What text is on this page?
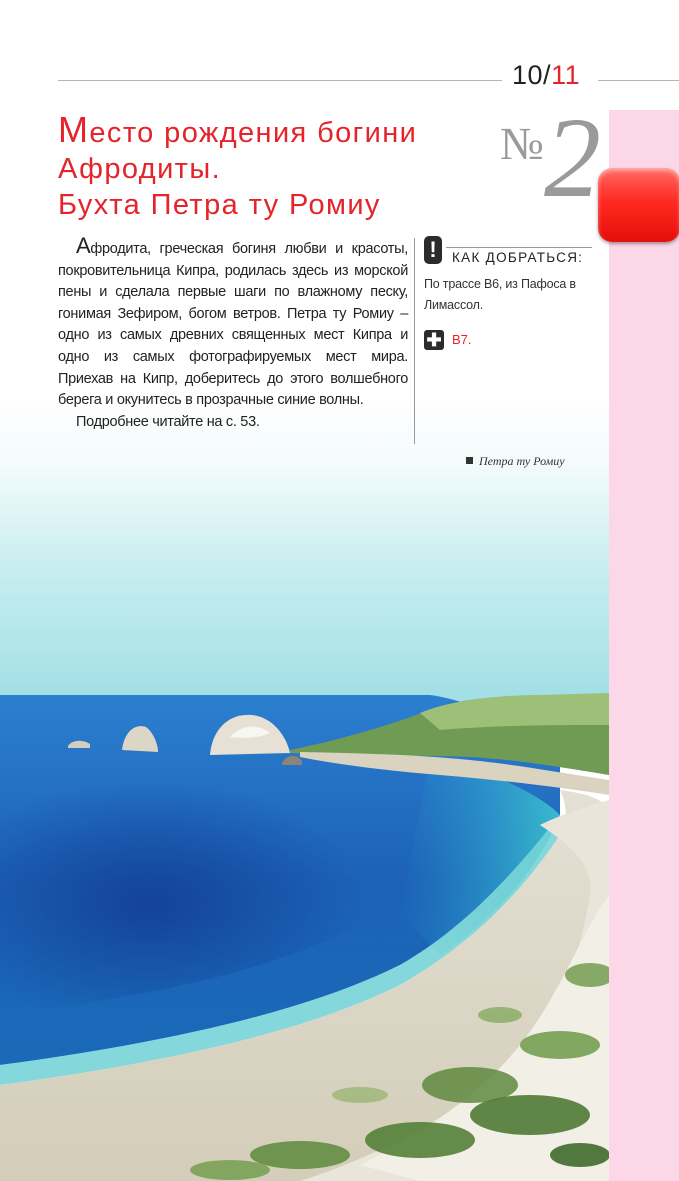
10/11
Место рождения богини
Афродиты.
Бухта Петра ту Ромиу
№ 2

Афродита, греческая богиня любви и красоты, покровительница Кипра, родилась здесь из морской пены и сделала первые шаги по влажному песку, гонимая Зефиром, богом ветров. Петра ту Ромиу – одно из самых древних священных мест Кипра и одно из самых фотографируемых мест мира. Приехав на Кипр, доберитесь до этого волшебного берега и окунитесь в прозрачные синие волны.

Подробнее читайте на с. 53.

!	КАК ДОБРАТЬСЯ:
По трассе B6, из Пафоса в Лимассол.
✚ B7.
Петра ту Ромиу
